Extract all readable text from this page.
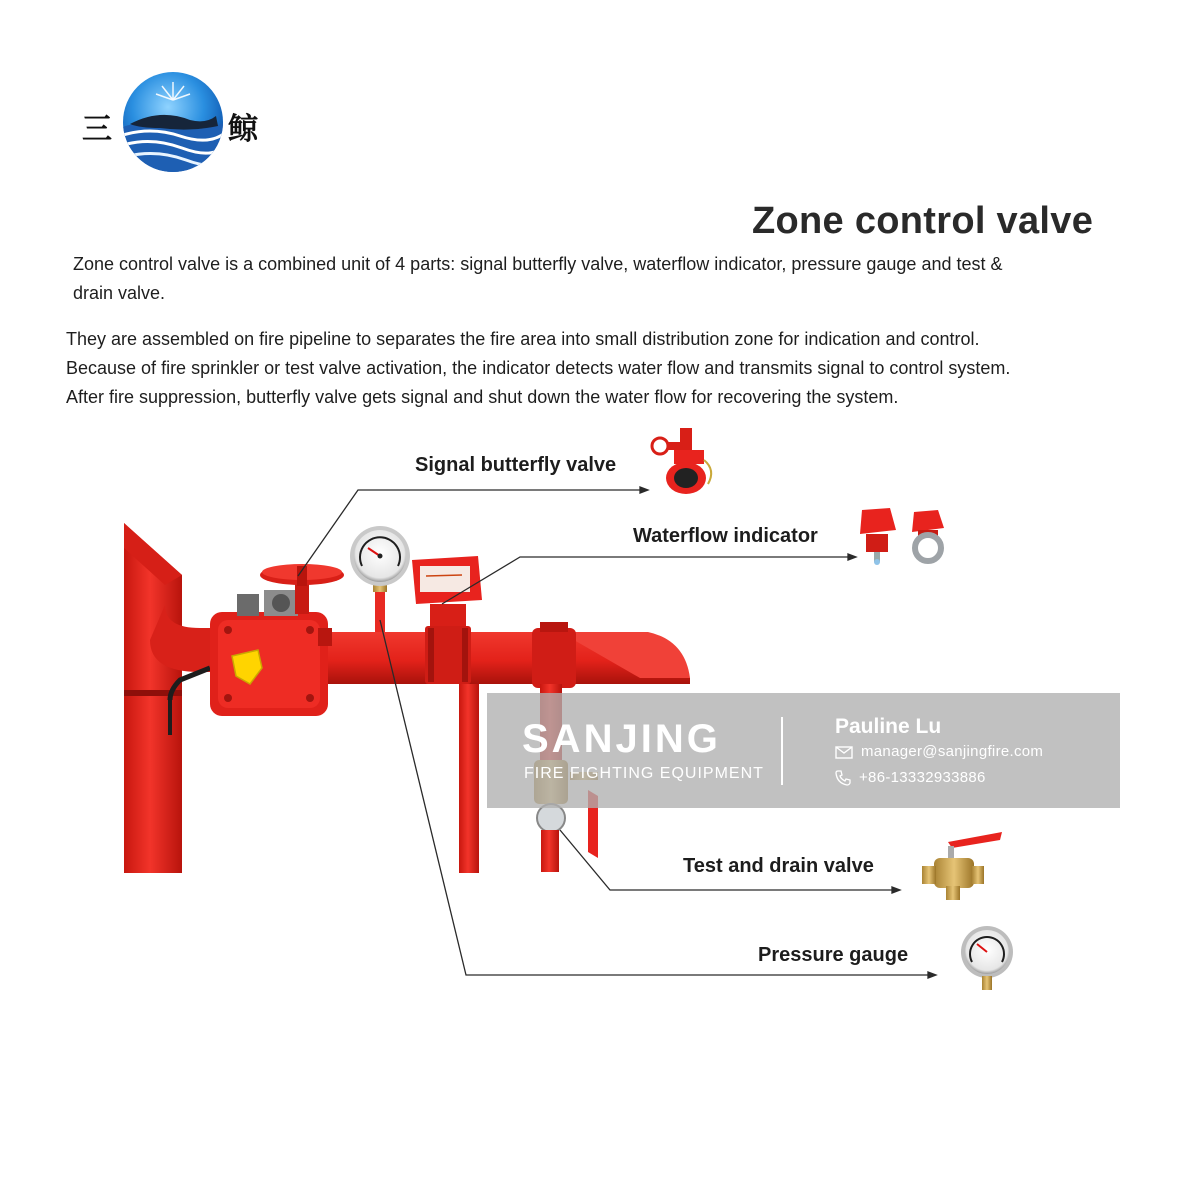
三	鲸
Zone control valve
Zone control valve is a combined unit of 4 parts: signal butterfly valve, waterflow indicator, pressure gauge and test &
drain valve.
They are assembled on fire pipeline to separates the fire area into small distribution zone for indication and control.
Because of fire sprinkler or test valve activation, the indicator detects water flow and transmits signal to control system.
After fire suppression, butterfly valve gets signal and shut down the water flow for recovering the system.
Signal butterfly valve
Waterflow indicator
Test and drain valve
Pressure gauge
SANJING
FIRE FIGHTING EQUIPMENT
Pauline Lu
manager@sanjingfire.com
+86-13332933886
